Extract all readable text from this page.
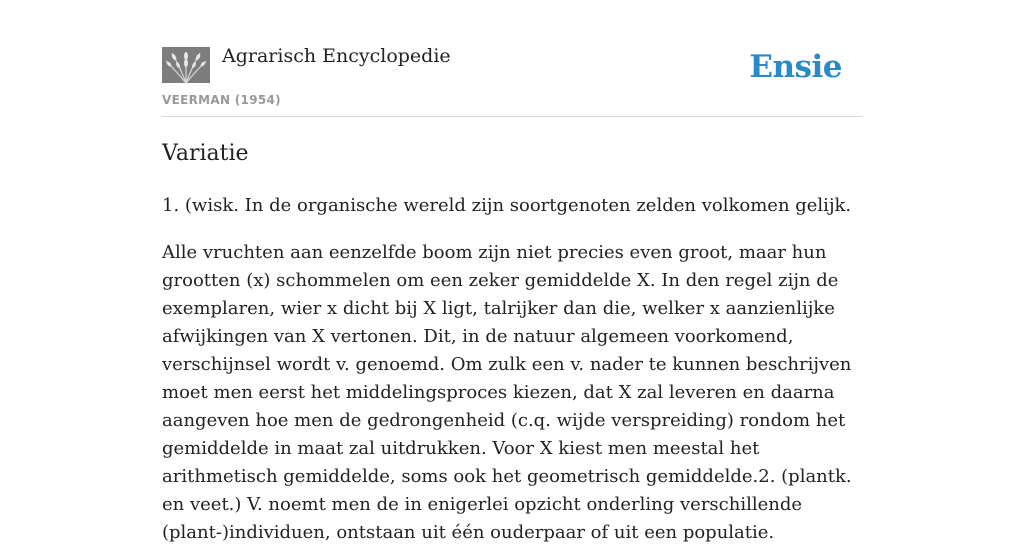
Agrarisch Encyclopedie
VEERMAN (1954)
Ensie
Variatie

1. (wisk. In de organische wereld zijn soortgenoten zelden volkomen gelijk.

Alle vruchten aan eenzelfde boom zijn niet precies even groot, maar hun grootten (x) schommelen om een zeker gemiddelde X. In den regel zijn de exemplaren, wier x dicht bij X ligt, talrijker dan die, welker x aanzienlijke afwijkingen van X vertonen. Dit, in de natuur algemeen voorkomend, verschijnsel wordt v. genoemd. Om zulk een v. nader te kunnen beschrijven moet men eerst het middelingsproces kiezen, dat X zal leveren en daarna aangeven hoe men de gedrongenheid (c.q. wijde verspreiding) rondom het gemiddelde in maat zal uitdrukken. Voor X kiest men meestal het arithmetisch gemiddelde, soms ook het geometrisch gemiddelde.2. (plantk. en veet.) V. noemt men de in enigerlei opzicht onderling verschillende (plant-)individuen, ontstaan uit één ouderpaar of uit een populatie.
